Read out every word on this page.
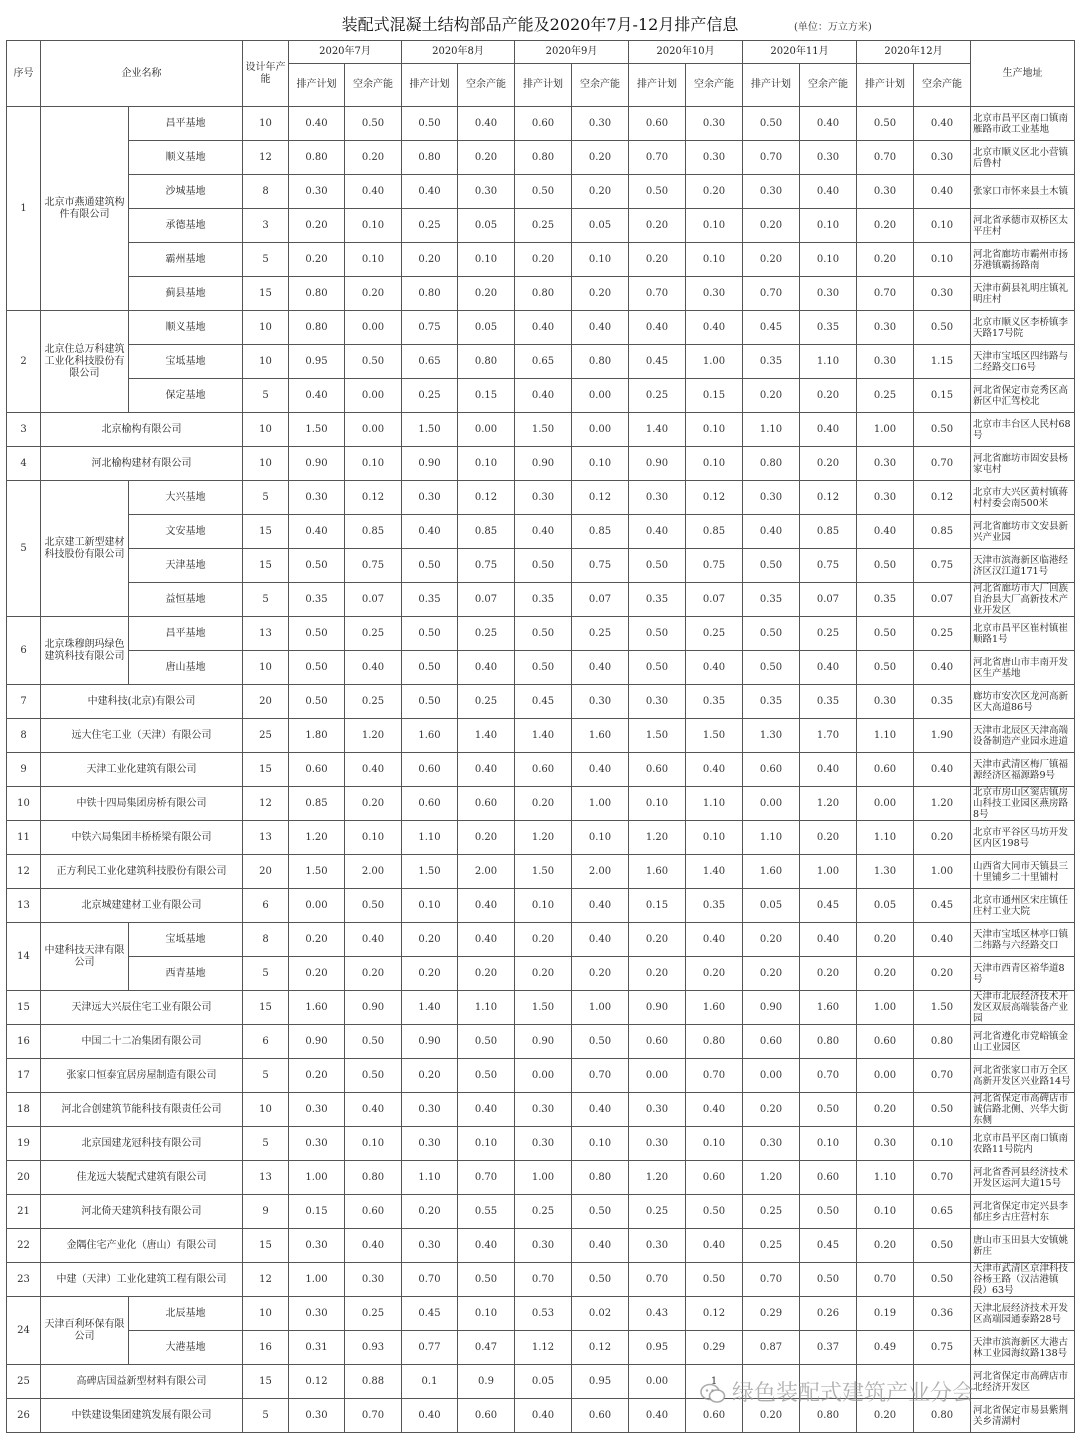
装配式混凝土结构部品产能及2020年7月-12月排产信息	(单位：万立方米)
序号	企业名称		设计年产能	2020年7月		2020年8月		2020年9月		2020年10月		2020年11月		2020年12月		生产地址
				排产计划	空余产能	排产计划	空余产能	排产计划	空余产能	排产计划	空余产能	排产计划	空余产能	排产计划	空余产能	
1	北京市燕通建筑构件有限公司	昌平基地	10	0.40	0.50	0.50	0.40	0.60	0.30	0.60	0.30	0.50	0.40	0.50	0.40	北京市昌平区南口镇南雁路市政工业基地
		顺义基地	12	0.80	0.20	0.80	0.20	0.80	0.20	0.70	0.30	0.70	0.30	0.70	0.30	北京市顺义区北小营镇后鲁村
		沙城基地	8	0.30	0.40	0.40	0.30	0.50	0.20	0.50	0.20	0.30	0.40	0.30	0.40	张家口市怀来县土木镇
		承德基地	3	0.20	0.10	0.25	0.05	0.25	0.05	0.20	0.10	0.20	0.10	0.20	0.10	河北省承德市双桥区太平庄村
		霸州基地	5	0.20	0.10	0.20	0.10	0.20	0.10	0.20	0.10	0.20	0.10	0.20	0.10	河北省廊坊市霸州市扬芬港镇霸扬路南
		蓟县基地	15	0.80	0.20	0.80	0.20	0.80	0.20	0.70	0.30	0.70	0.30	0.70	0.30	天津市蓟县礼明庄镇礼明庄村
2	北京住总万科建筑工业化科技股份有限公司	顺义基地	10	0.80	0.00	0.75	0.05	0.40	0.40	0.40	0.40	0.45	0.35	0.30	0.50	北京市顺义区李桥镇李天路17号院
		宝坻基地	10	0.95	0.50	0.65	0.80	0.65	0.80	0.45	1.00	0.35	1.10	0.30	1.15	天津市宝坻区四纬路与二经路交口6号
		保定基地	5	0.40	0.00	0.25	0.15	0.40	0.00	0.25	0.15	0.20	0.20	0.25	0.15	河北省保定市竞秀区高新区中汇驾校北
3	北京榆构有限公司		10	1.50	0.00	1.50	0.00	1.50	0.00	1.40	0.10	1.10	0.40	1.00	0.50	北京市丰台区人民村68号
4	河北榆构建材有限公司		10	0.90	0.10	0.90	0.10	0.90	0.10	0.90	0.10	0.80	0.20	0.30	0.70	河北省廊坊市固安县杨家屯村
5	北京建工新型建材科技股份有限公司	大兴基地	5	0.30	0.12	0.30	0.12	0.30	0.12	0.30	0.12	0.30	0.12	0.30	0.12	北京市大兴区黄村镇蒋村村委会南500米
		文安基地	15	0.40	0.85	0.40	0.85	0.40	0.85	0.40	0.85	0.40	0.85	0.40	0.85	河北省廊坊市文安县新兴产业园
		天津基地	15	0.50	0.75	0.50	0.75	0.50	0.75	0.50	0.75	0.50	0.75	0.50	0.75	天津市滨海新区临港经济区汉江道171号
		益恒基地	5	0.35	0.07	0.35	0.07	0.35	0.07	0.35	0.07	0.35	0.07	0.35	0.07	河北省廊坊市大厂回族自治县大厂高新技术产业开发区
6	北京珠穆朗玛绿色建筑科技有限公司	昌平基地	13	0.50	0.25	0.50	0.25	0.50	0.25	0.50	0.25	0.50	0.25	0.50	0.25	北京市昌平区崔村镇崔顺路1号
		唐山基地	10	0.50	0.40	0.50	0.40	0.50	0.40	0.50	0.40	0.50	0.40	0.50	0.40	河北省唐山市丰南开发区生产基地
7	中建科技(北京)有限公司		20	0.50	0.25	0.50	0.25	0.45	0.30	0.30	0.35	0.35	0.35	0.30	0.35	廊坊市安次区龙河高新区大高道86号
8	远大住宅工业（天津）有限公司		25	1.80	1.20	1.60	1.40	1.40	1.60	1.50	1.50	1.30	1.70	1.10	1.90	天津市北辰区天津高端设备制造产业园永进道
9	天津工业化建筑有限公司		15	0.60	0.40	0.60	0.40	0.60	0.40	0.60	0.40	0.60	0.40	0.60	0.40	天津市武清区梅厂镇福源经济区福源路9号
10	中铁十四局集团房桥有限公司		12	0.85	0.20	0.60	0.60	0.20	1.00	0.10	1.10	0.00	1.20	0.00	1.20	北京市房山区窦店镇房山科技工业园区燕房路8号
11	中铁六局集团丰桥桥梁有限公司		13	1.20	0.10	1.10	0.20	1.20	0.10	1.20	0.10	1.10	0.20	1.10	0.20	北京市平谷区马坊开发区内区198号
12	正方利民工业化建筑科技股份有限公司		20	1.50	2.00	1.50	2.00	1.50	2.00	1.60	1.40	1.60	1.00	1.30	1.00	山西省大同市天镇县三十里铺乡二十里铺村
13	北京城建建材工业有限公司		6	0.00	0.50	0.10	0.40	0.10	0.40	0.15	0.35	0.05	0.45	0.05	0.45	北京市通州区宋庄镇任庄村工业大院
14	中建科技天津有限公司	宝坻基地	8	0.20	0.40	0.20	0.40	0.20	0.40	0.20	0.40	0.20	0.40	0.20	0.40	天津市宝坻区林亭口镇二纬路与六经路交口
		西青基地	5	0.20	0.20	0.20	0.20	0.20	0.20	0.20	0.20	0.20	0.20	0.20	0.20	天津市西青区裕华道8号
15	天津远大兴辰住宅工业有限公司		15	1.60	0.90	1.40	1.10	1.50	1.00	0.90	1.60	0.90	1.60	1.00	1.50	天津市北辰经济技术开发区双辰高端装备产业园
16	中国二十二冶集团有限公司		6	0.90	0.50	0.90	0.50	0.90	0.50	0.60	0.80	0.60	0.80	0.60	0.80	河北省遵化市党峪镇金山工业园区
17	张家口恒泰宜居房屋制造有限公司		5	0.20	0.50	0.20	0.50	0.00	0.70	0.00	0.70	0.00	0.70	0.00	0.70	河北省张家口市万全区高新开发区兴业路14号
18	河北合创建筑节能科技有限责任公司		10	0.30	0.40	0.30	0.40	0.30	0.40	0.30	0.40	0.20	0.50	0.20	0.50	河北省保定市高碑店市诚信路北侧、兴华大街东侧
19	北京国建龙冠科技有限公司		5	0.30	0.10	0.30	0.10	0.30	0.10	0.30	0.10	0.30	0.10	0.30	0.10	北京市昌平区南口镇南农路11号院内
20	佳龙远大装配式建筑有限公司		13	1.00	0.80	1.10	0.70	1.00	0.80	1.20	0.60	1.20	0.60	1.10	0.70	河北省香河县经济技术开发区运河大道15号
21	河北倚天建筑科技有限公司		9	0.15	0.60	0.20	0.55	0.25	0.50	0.25	0.50	0.25	0.50	0.10	0.65	河北省保定市定兴县李郁庄乡古庄营村东
22	金隅住宅产业化（唐山）有限公司		15	0.30	0.40	0.30	0.40	0.30	0.40	0.30	0.40	0.25	0.45	0.20	0.50	唐山市玉田县大安镇姚新庄
23	中建（天津）工业化建筑工程有限公司		12	1.00	0.30	0.70	0.50	0.70	0.50	0.70	0.50	0.70	0.50	0.70	0.50	天津市武清区京津科技谷杨王路（汉沽港镇段）63号
24	天津百利环保有限公司	北辰基地	10	0.30	0.25	0.45	0.10	0.53	0.02	0.43	0.12	0.29	0.26	0.19	0.36	天津北辰经济技术开发区高端园通泰路28号
		大港基地	16	0.31	0.93	0.77	0.47	1.12	0.12	0.95	0.29	0.87	0.37	0.49	0.75	天津市滨海新区大港古林工业园海纹路138号
25	高碑店国益新型材料有限公司		15	0.12	0.88	0.1	0.9	0.05	0.95	0.00	1					河北省保定市高碑店市北经济开发区
26	中铁建设集团建筑发展有限公司		5	0.30	0.70	0.40	0.60	0.40	0.60	0.40	0.60	0.20	0.80	0.20	0.80	河北省保定市易县紫荆关乡清湖村
绿色装配式建筑产业分会
